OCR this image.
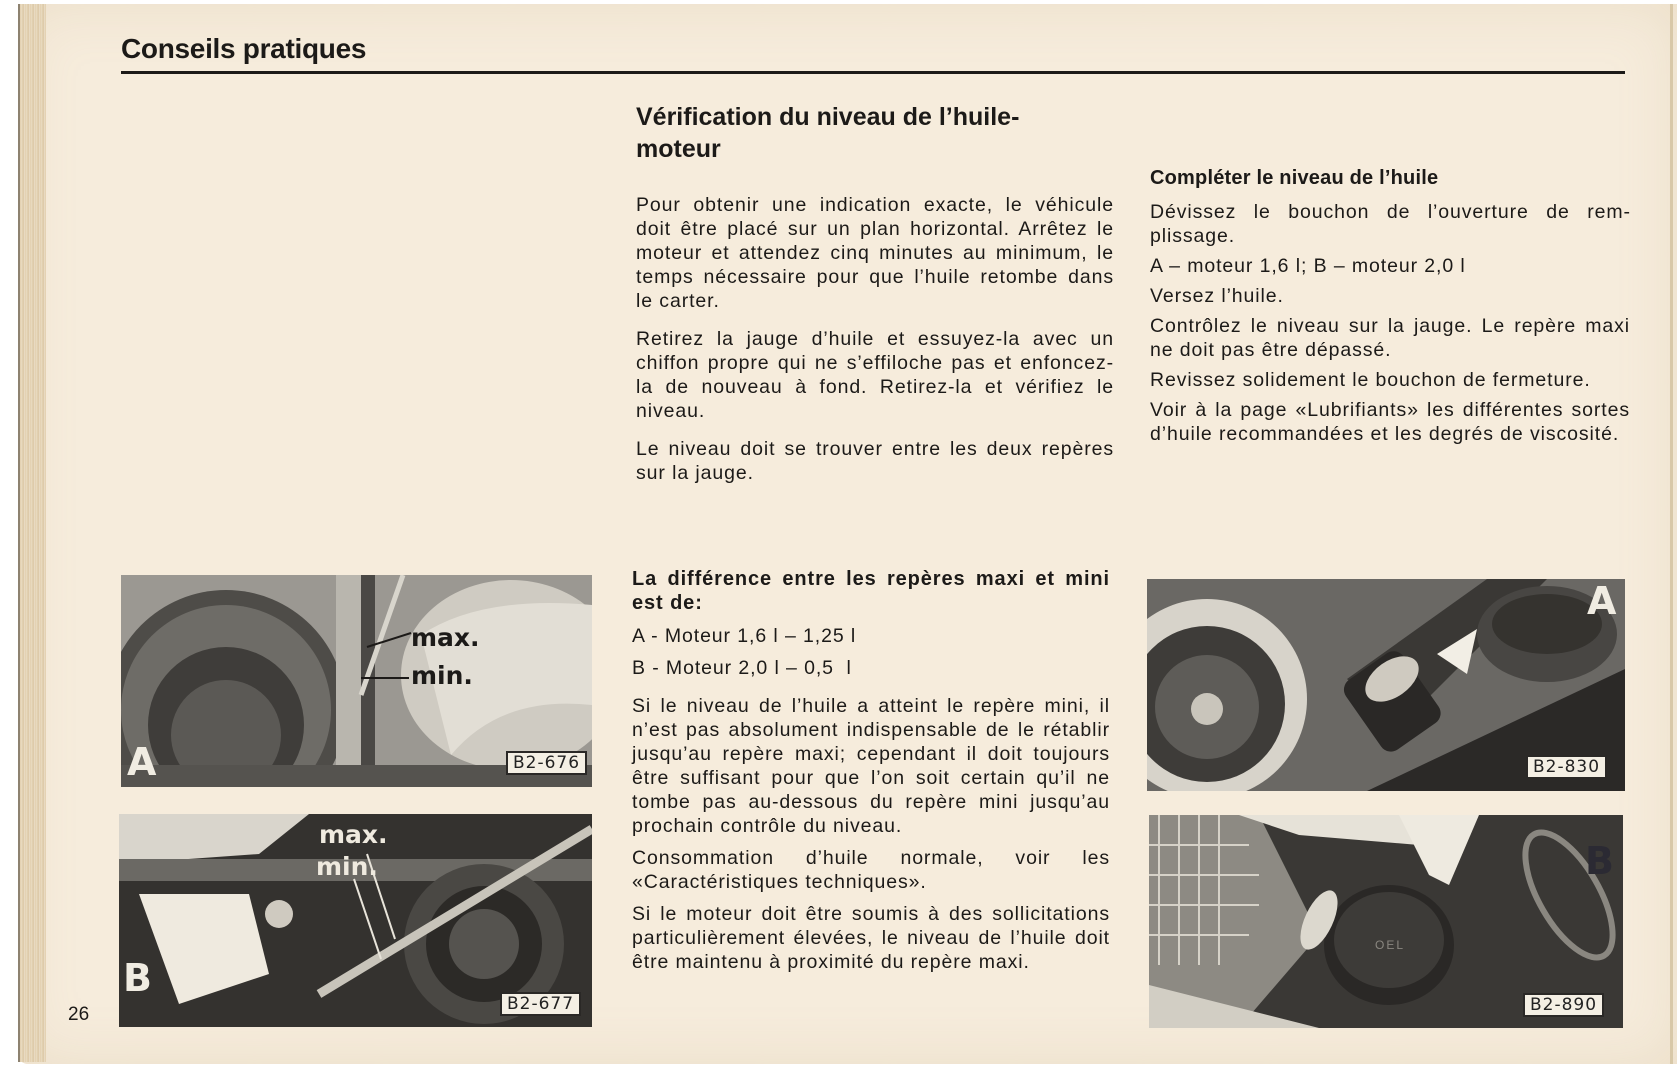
Conseils pratiques
Vérification du niveau de l’huile-
moteur

Pour obtenir une indication exacte, le véhicule doit être placé sur un plan horizontal. Arrêtez le moteur et attendez cinq minutes au minimum, le temps nécessaire pour que l’huile retombe dans le carter.

Retirez la jauge d’huile et essuyez-la avec un chiffon propre qui ne s’effiloche pas et enfoncez-la de nouveau à fond. Retirez-la et vérifiez le niveau.

Le niveau doit se trouver entre les deux repères sur la jauge.

Compléter le niveau de l’huile

Dévissez le bouchon de l’ouverture de remplissage.

A – moteur 1,6 l; B – moteur 2,0 l

Versez l’huile.

Contrôlez le niveau sur la jauge. Le repère maxi ne doit pas être dépassé.

Revissez solidement le bouchon de fermeture.

Voir à la page «Lubrifiants» les différentes sortes d’huile recommandées et les degrés de viscosité.

La différence entre les repères maxi et mini est de:

A - Moteur 1,6 l – 1,25 l

B - Moteur 2,0 l – 0,5  l

Si le niveau de l’huile a atteint le repère mini, il n’est pas absolument indispensable de le rétablir jusqu’au repère maxi; cependant il doit toujours être suffisant pour que l’on soit certain qu’il ne tombe pas au-dessous du repère mini jusqu’au prochain contrôle du niveau.

Consommation d’huile normale, voir les «Caractéristiques techniques».

Si le moteur doit être soumis à des sollicitations particulièrement élevées, le niveau de l’huile doit être maintenu à proximité du repère maxi.

max.
min.
A	B2-676
max.
min.
B
B2-677
A
B2-830
OEL
B
B2-890
26
